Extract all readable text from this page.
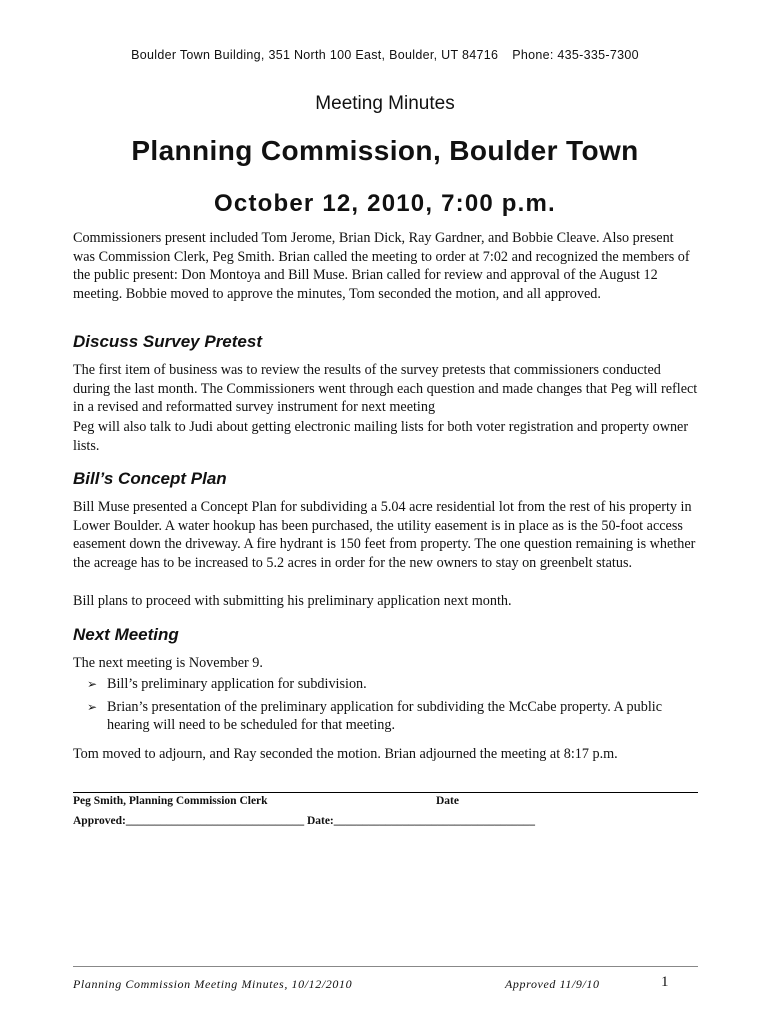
Boulder Town Building, 351 North 100 East, Boulder, UT 84716 Phone: 435-335-7300
Meeting Minutes
Planning Commission, Boulder Town
October 12, 2010, 7:00 p.m.

Commissioners present included Tom Jerome, Brian Dick, Ray Gardner, and Bobbie Cleave. Also present was Commission Clerk, Peg Smith. Brian called the meeting to order at 7:02 and recognized the members of the public present: Don Montoya and Bill Muse. Brian called for review and approval of the August 12 meeting. Bobbie moved to approve the minutes, Tom seconded the motion, and all approved.

Discuss Survey Pretest

The first item of business was to review the results of the survey pretests that commissioners conducted during the last month. The Commissioners went through each question and made changes that Peg will reflect in a revised and reformatted survey instrument for next meeting

Peg will also talk to Judi about getting electronic mailing lists for both voter registration and property owner lists.

Bill’s Concept Plan

Bill Muse presented a Concept Plan for subdividing a 5.04 acre residential lot from the rest of his property in Lower Boulder. A water hookup has been purchased, the utility easement is in place as is the 50-foot access easement down the driveway. A fire hydrant is 150 feet from property. The one question remaining is whether the acreage has to be increased to 5.2 acres in order for the new owners to stay on greenbelt status.

Bill plans to proceed with submitting his preliminary application next month.

Next Meeting

The next meeting is November 9.

➢ Bill’s preliminary application for subdivision.
➢ Brian’s presentation of the preliminary application for subdividing the McCabe property. A public hearing will need to be scheduled for that meeting.

Tom moved to adjourn, and Ray seconded the motion. Brian adjourned the meeting at 8:17 p.m.

Peg Smith, Planning Commission Clerk	Date
Approved:_______________________________ Date:___________________________________
Planning Commission Meeting Minutes, 10/12/2010	Approved 11/9/10	1
